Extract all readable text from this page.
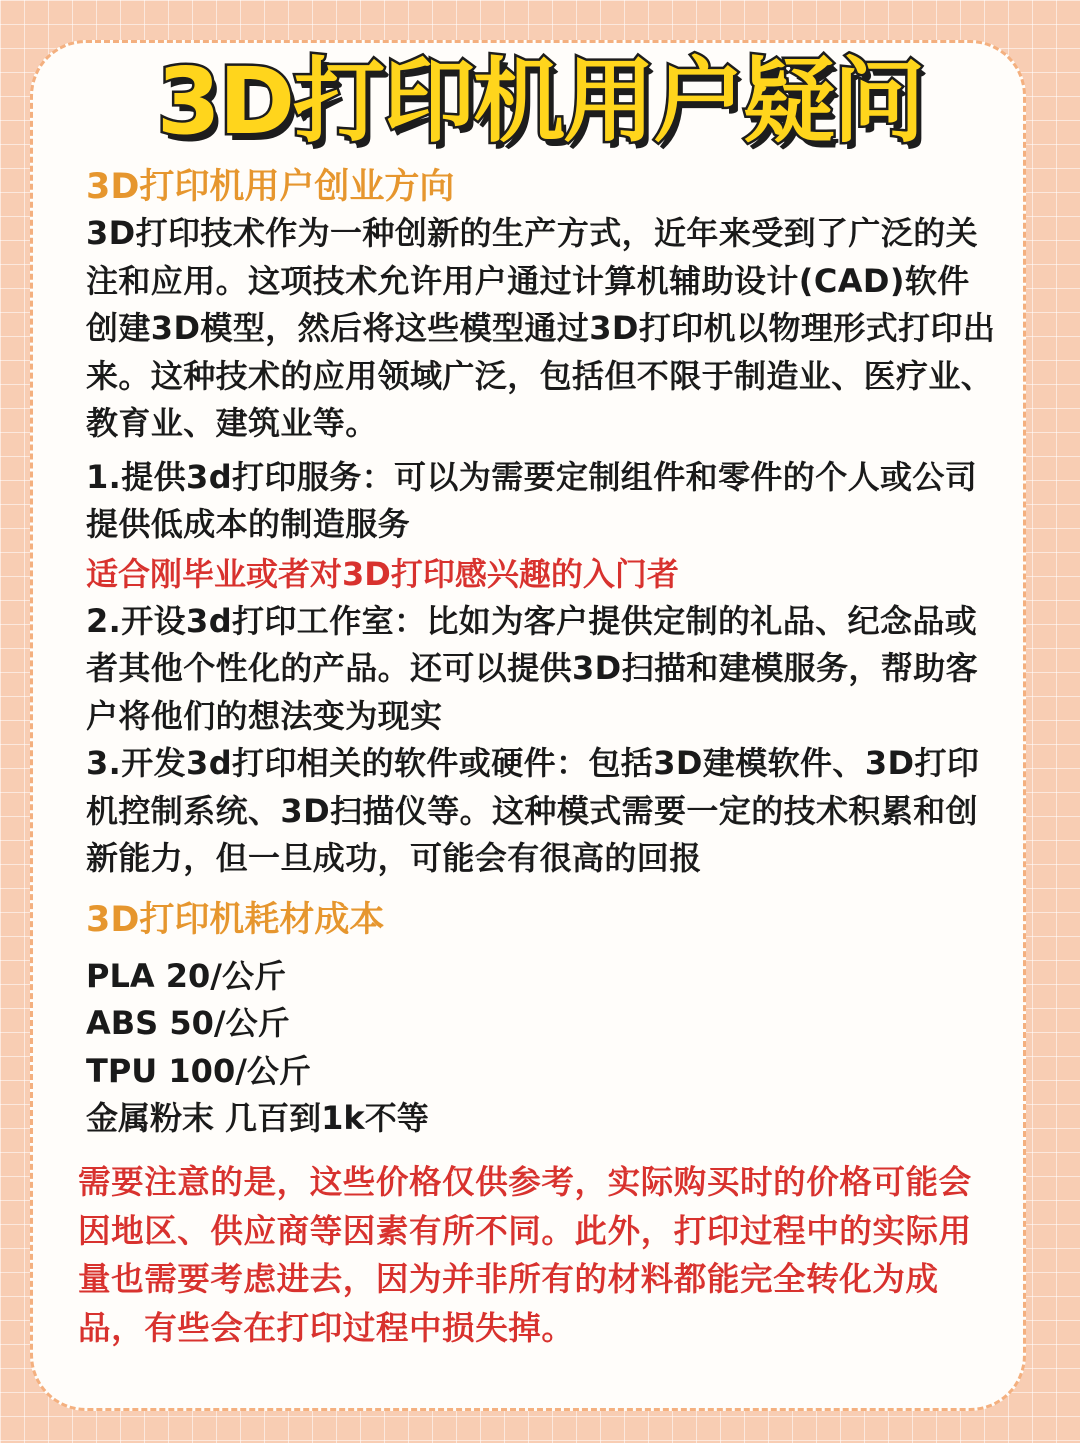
3D打印机用户疑问
3D打印机用户创业方向

3D打印技术作为一种创新的生产方式，近年来受到了广泛的关注和应用。这项技术允许用户通过计算机辅助设计(CAD)软件创建3D模型，然后将这些模型通过3D打印机以物理形式打印出来。这种技术的应用领域广泛，包括但不限于制造业、医疗业、教育业、建筑业等。

1.提供3d打印服务：可以为需要定制组件和零件的个人或公司提供低成本的制造服务

适合刚毕业或者对3D打印感兴趣的入门者

2.开设3d打印工作室：比如为客户提供定制的礼品、纪念品或者其他个性化的产品。还可以提供3D扫描和建模服务，帮助客户将他们的想法变为现实

3.开发3d打印相关的软件或硬件：包括3D建模软件、3D打印机控制系统、3D扫描仪等。这种模式需要一定的技术积累和创新能力，但一旦成功，可能会有很高的回报

3D打印机耗材成本

PLA 20/公斤

ABS 50/公斤

TPU 100/公斤

金属粉末 几百到1k不等

需要注意的是，这些价格仅供参考，实际购买时的价格可能会因地区、供应商等因素有所不同。此外，打印过程中的实际用量也需要考虑进去，因为并非所有的材料都能完全转化为成品，有些会在打印过程中损失掉。
